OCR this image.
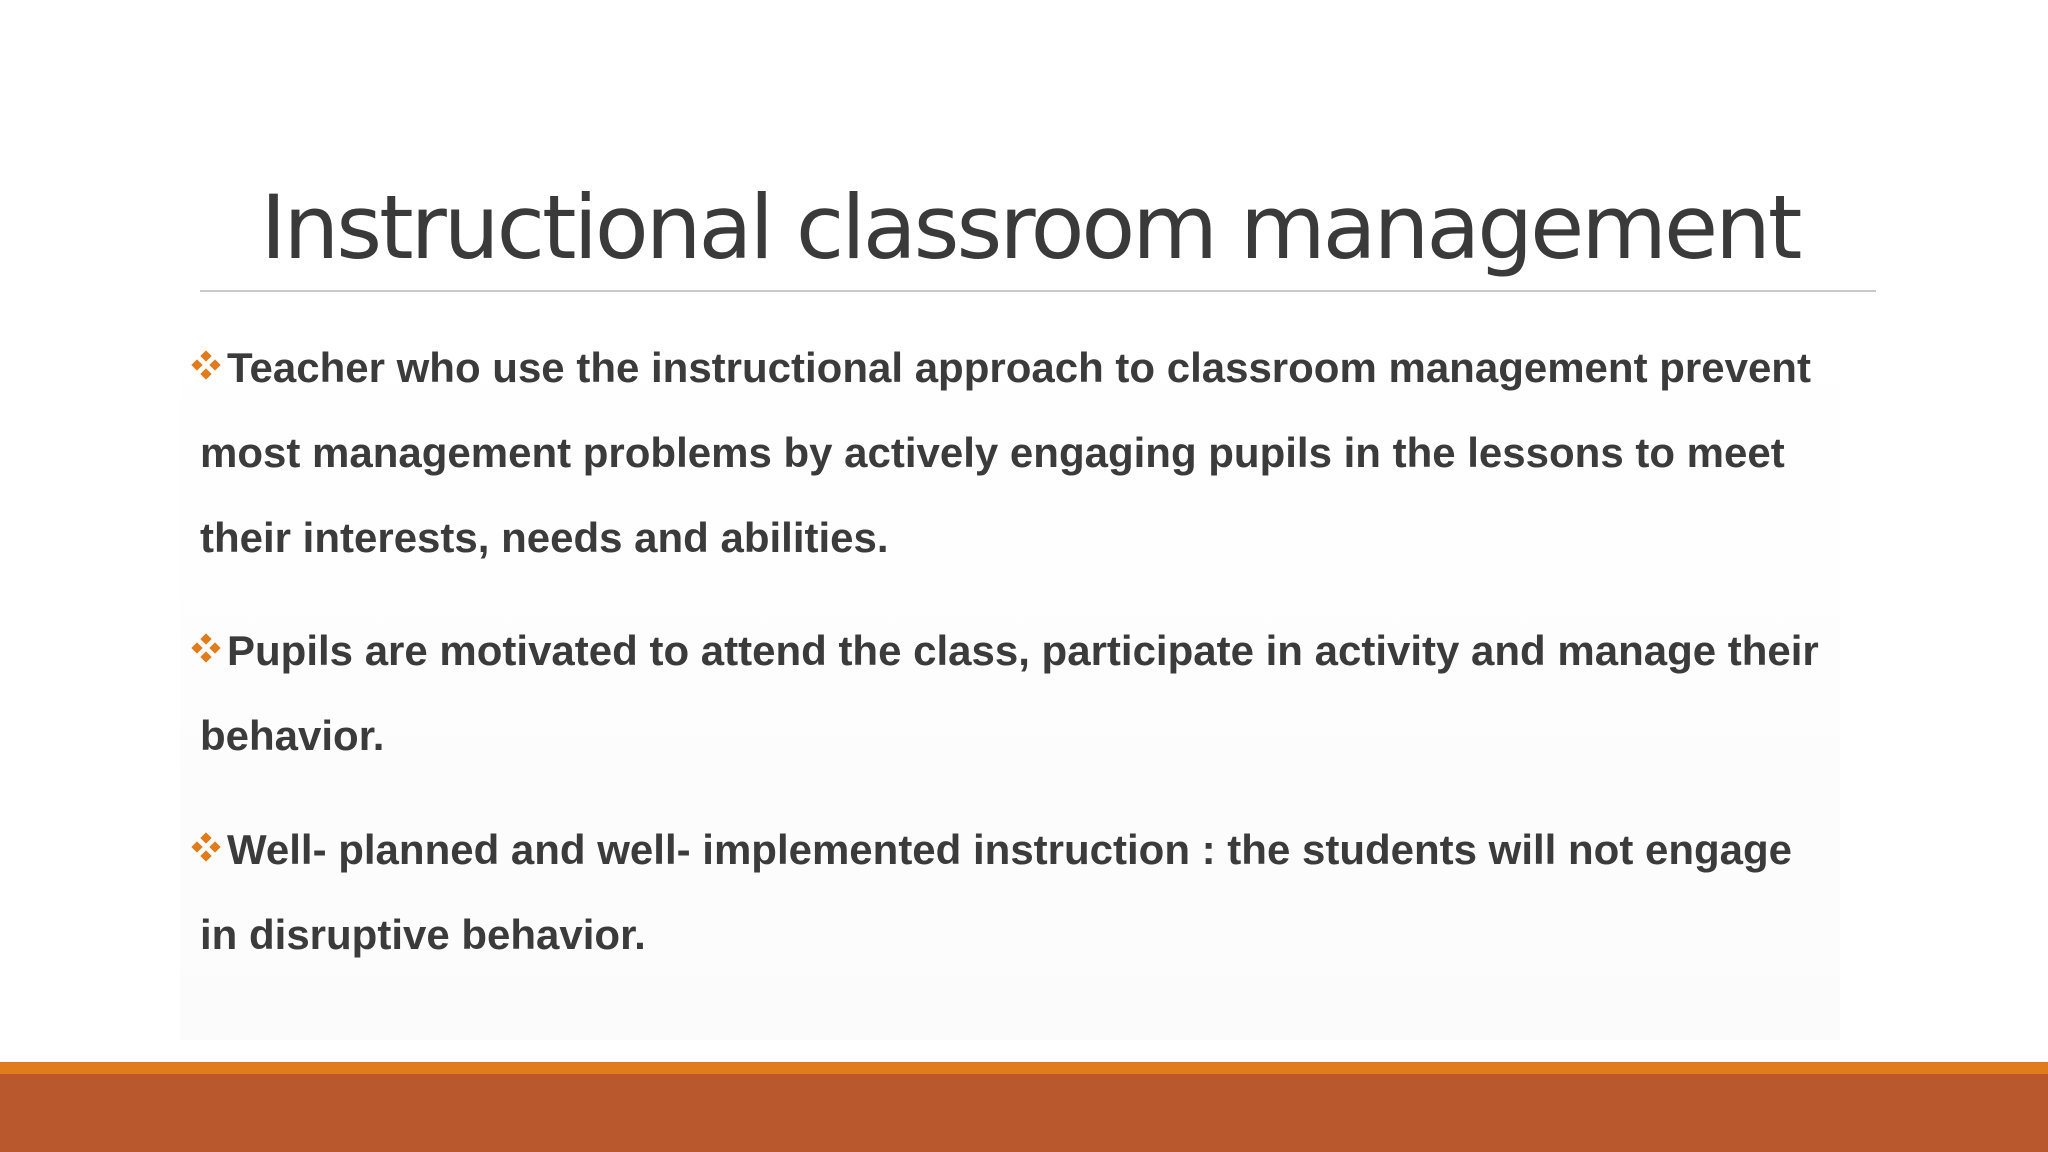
Instructional classroom management
Teacher who use the instructional approach to classroom management prevent most management problems by actively engaging pupils in the lessons to meet their interests, needs and abilities.
Pupils are motivated to attend the class, participate in activity and manage their behavior.
Well- planned and well- implemented instruction : the students will not engage in disruptive behavior.
